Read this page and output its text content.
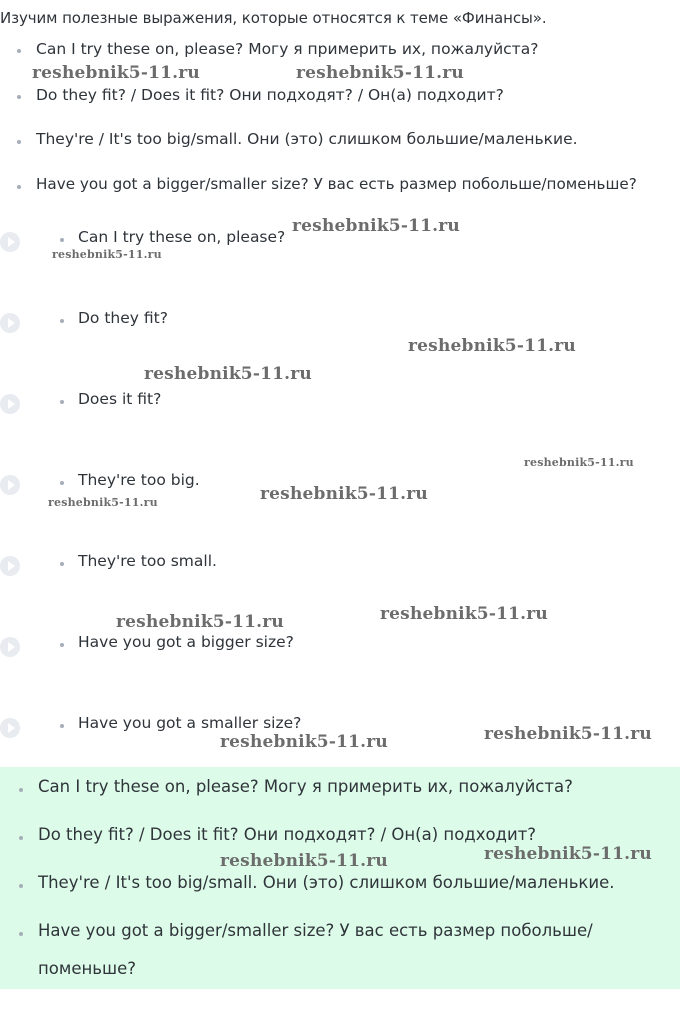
Изучим полезные выражения, которые относятся к теме «Финансы».
Can I try these on, please? Могу я примерить их, пожалуйста?
Do they fit? / Does it fit? Они подходят? / Он(а) подходит?
They're / It's too big/small. Они (это) слишком большие/маленькие.
Have you got a bigger/smaller size? У вас есть размер побольше/поменьше?
Can I try these on, please?
Do they fit?
Does it fit?
They're too big.
They're too small.
Have you got a bigger size?
Have you got a smaller size?
Can I try these on, please? Могу я примерить их, пожалуйста?
Do they fit? / Does it fit? Они подходят? / Он(а) подходит?
They're / It's too big/small. Они (это) слишком большие/маленькие.
Have you got a bigger/smaller size? У вас есть размер побольше/
поменьше?
reshebnik5-11.ru	reshebnik5-11.ru
reshebnik5-11.ru
reshebnik5-11.ru
reshebnik5-11.ru
reshebnik5-11.ru
reshebnik5-11.ru
reshebnik5-11.ru
reshebnik5-11.ru
reshebnik5-11.ru
reshebnik5-11.ru
reshebnik5-11.ru
reshebnik5-11.ru
reshebnik5-11.ru
reshebnik5-11.ru
